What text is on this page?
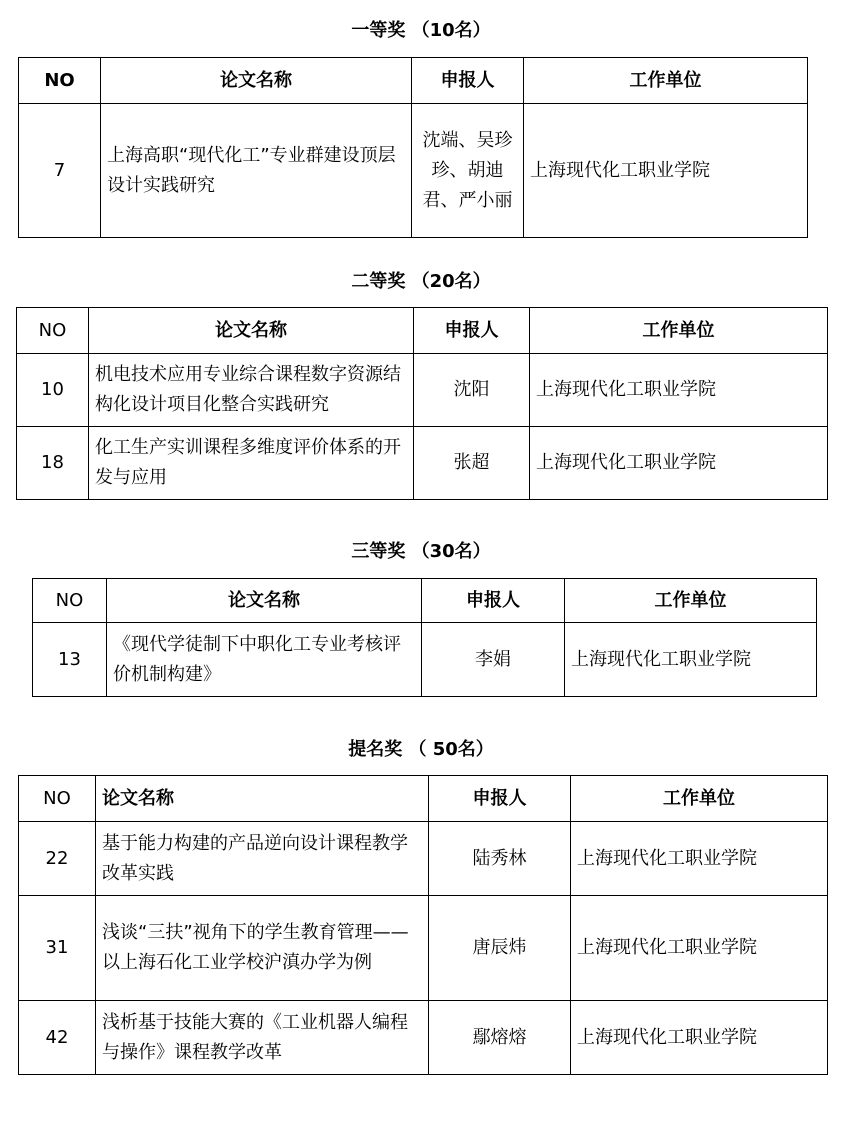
一等奖 （10名）
NO	论文名称	申报人	工作单位
7	上海高职“现代化工”专业群建设顶层设计实践研究	沈端、吴珍珍、胡迪君、严小丽	上海现代化工职业学院
二等奖 （20名）
NO	论文名称	申报人	工作单位
10	机电技术应用专业综合课程数字资源结构化设计项目化整合实践研究	沈阳	上海现代化工职业学院
18	化工生产实训课程多维度评价体系的开发与应用	张超	上海现代化工职业学院
三等奖 （30名）
NO	论文名称	申报人	工作单位
13	《现代学徒制下中职化工专业考核评价机制构建》	李娟	上海现代化工职业学院
提名奖 （ 50名）
NO	论文名称	申报人	工作单位
22	基于能力构建的产品逆向设计课程教学改革实践	陆秀林	上海现代化工职业学院
31	浅谈“三扶”视角下的学生教育管理——以上海石化工业学校沪滇办学为例	唐辰炜	上海现代化工职业学院
42	浅析基于技能大赛的《工业机器人编程与操作》课程教学改革	鄢熔熔	上海现代化工职业学院
